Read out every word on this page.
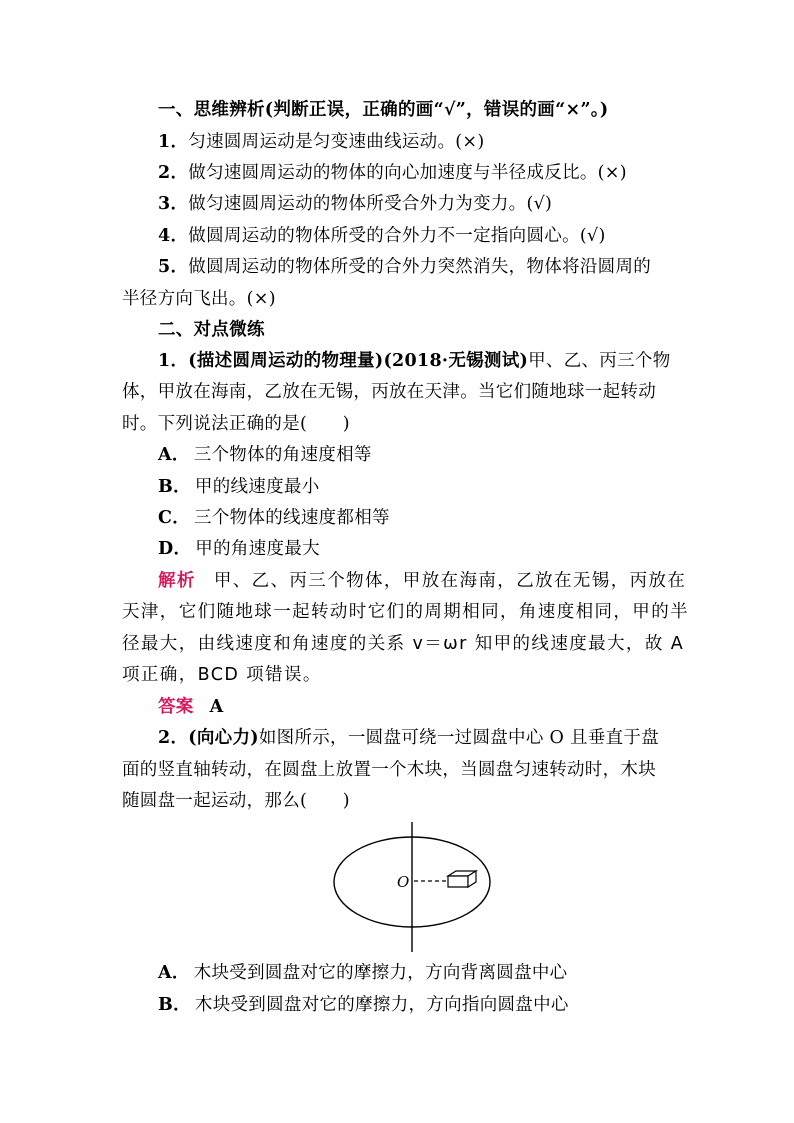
一、思维辨析(判断正误，正确的画“√”，错误的画“×”。)
1．匀速圆周运动是匀变速曲线运动。(×)
2．做匀速圆周运动的物体的向心加速度与半径成反比。(×)
3．做匀速圆周运动的物体所受合外力为变力。(√)
4．做圆周运动的物体所受的合外力不一定指向圆心。(√)
5．做圆周运动的物体所受的合外力突然消失，物体将沿圆周的
半径方向飞出。(×)
二、对点微练
1．(描述圆周运动的物理量)(2018·无锡测试)甲、乙、丙三个物
体，甲放在海南，乙放在无锡，丙放在天津。当它们随地球一起转动
时。下列说法正确的是(　　)
A． 三个物体的角速度相等
B． 甲的线速度最小
C． 三个物体的线速度都相等
D． 甲的角速度最大
解析 甲、乙、丙三个物体，甲放在海南，乙放在无锡，丙放在
天津，它们随地球一起转动时它们的周期相同，角速度相同，甲的半
径最大，由线速度和角速度的关系 v＝ωr 知甲的线速度最大，故 A
项正确，BCD 项错误。
答案 A
2．(向心力)如图所示，一圆盘可绕一过圆盘中心 O 且垂直于盘
面的竖直轴转动，在圆盘上放置一个木块，当圆盘匀速转动时，木块
随圆盘一起运动，那么(　　)
O
A． 木块受到圆盘对它的摩擦力，方向背离圆盘中心
B． 木块受到圆盘对它的摩擦力，方向指向圆盘中心
